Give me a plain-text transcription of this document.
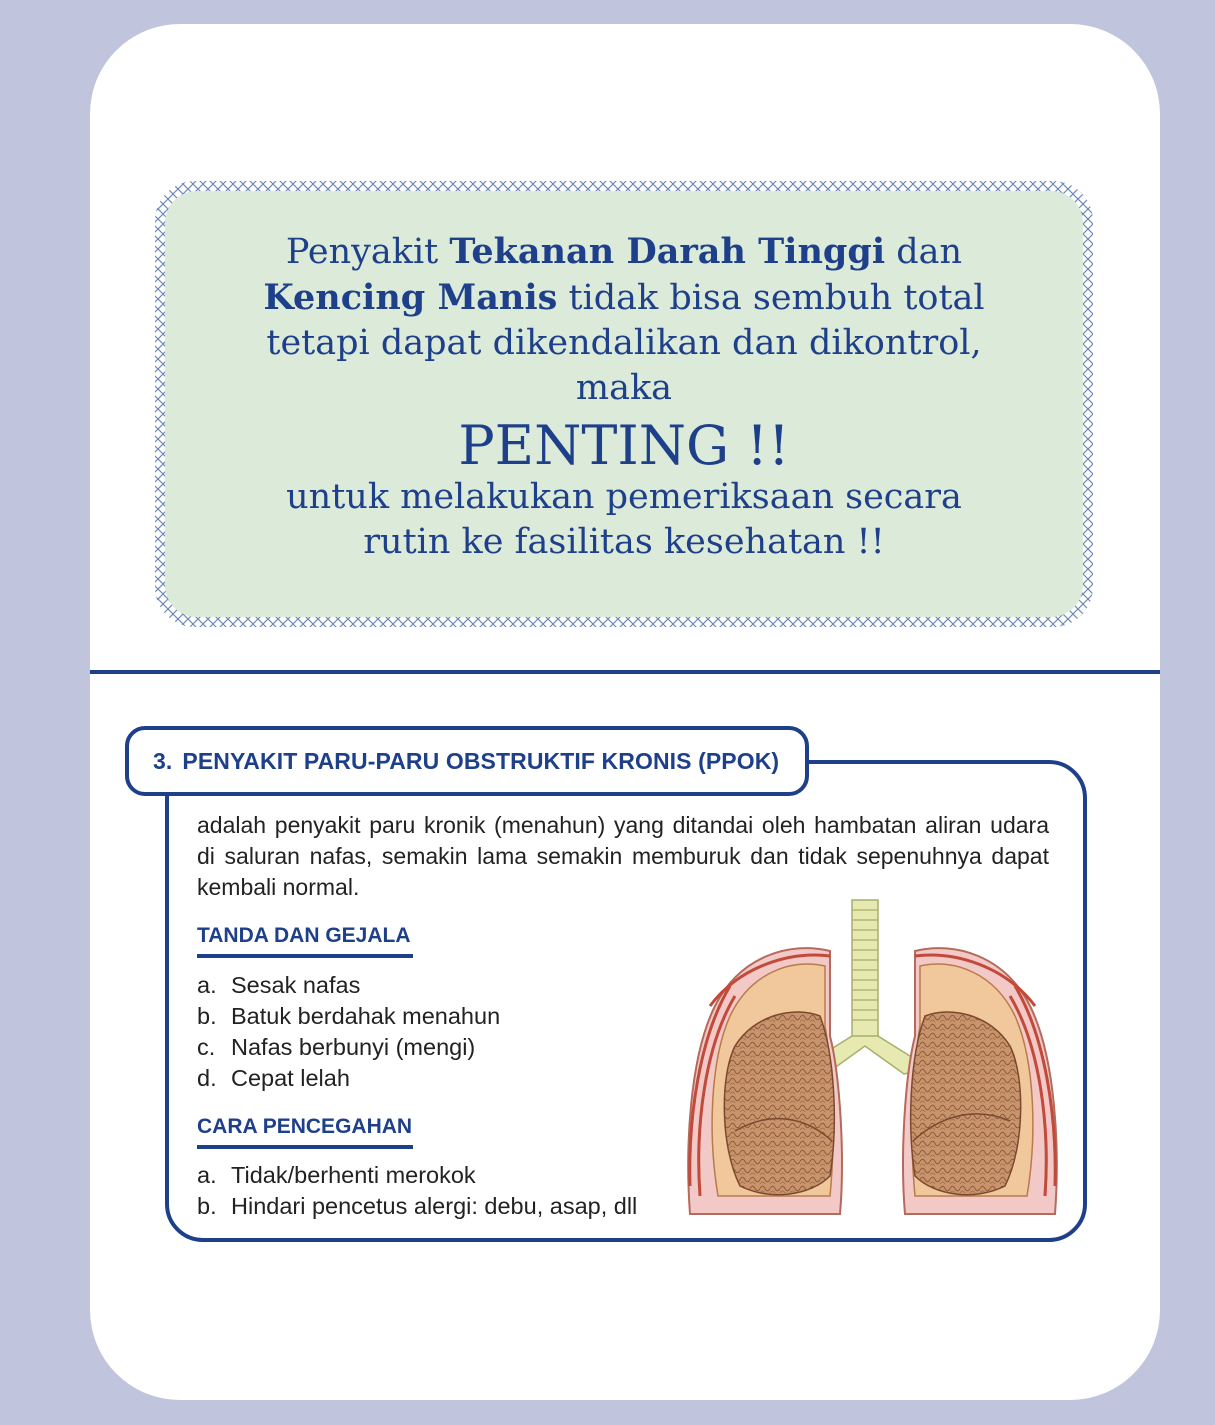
Penyakit Tekanan Darah Tinggi dan
Kencing Manis tidak bisa sembuh total
tetapi dapat dikendalikan dan dikontrol,
maka
PENTING !!
untuk melakukan pemeriksaan secara
rutin ke fasilitas kesehatan !!
3. PENYAKIT PARU-PARU OBSTRUKTIF KRONIS (PPOK)
adalah penyakit paru kronik (menahun) yang ditandai oleh hambatan aliran udara di saluran nafas, semakin lama semakin memburuk dan tidak sepenuhnya dapat kembali normal.
TANDA DAN GEJALA
a. Sesak nafas
b. Batuk berdahak menahun
c. Nafas berbunyi (mengi)
d. Cepat lelah
CARA PENCEGAHAN
a. Tidak/berhenti merokok
b. Hindari pencetus alergi: debu, asap, dll
